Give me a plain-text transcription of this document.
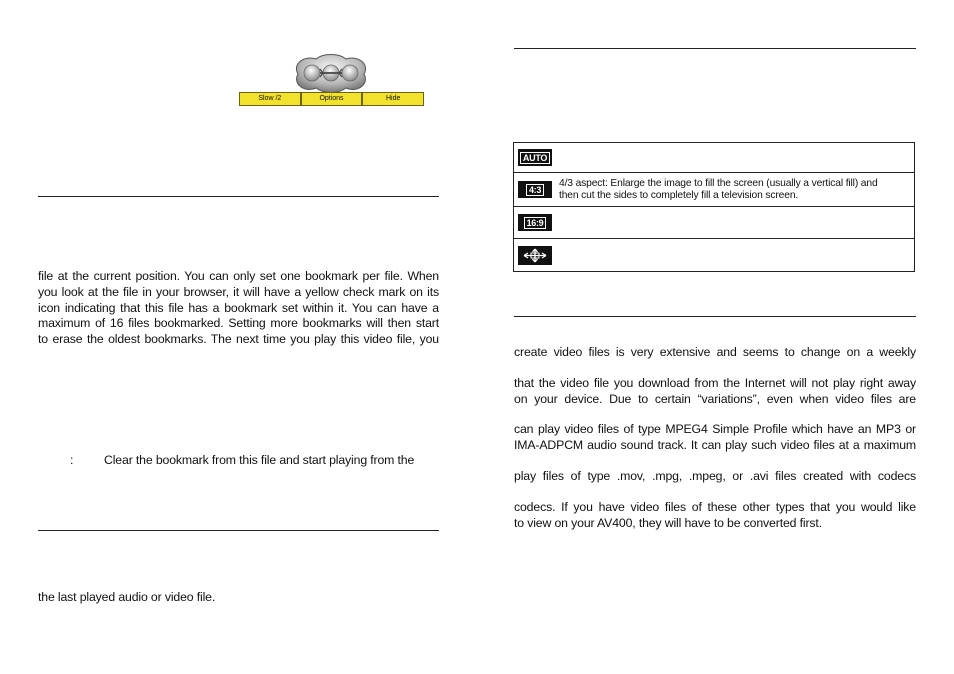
Slow /2	Options	Hide
file at the current position. You can only set one bookmark per file. When
you look at the file in your browser, it will have a yellow check mark on its
icon indicating that this file has a bookmark set within it. You can have a
maximum of 16 files bookmarked. Setting more bookmarks will then start
to erase the oldest bookmarks. The next time you play this video file, you
: Clear the bookmark from this file and start playing from the
the last played audio or video file.
AUTO
4:3
4/3 aspect: Enlarge the image to fill the screen (usually a vertical fill) and
then cut the sides to completely fill a television screen.
16:9
create video files is very extensive and seems to change on a weekly
that the video file you download from the Internet will not play right away
on your device. Due to certain “variations”, even when video files are
can play video files of type MPEG4 Simple Profile which have an MP3 or
IMA-ADPCM audio sound track. It can play such video files at a maximum
play files of type .mov, .mpg, .mpeg, or .avi files created with codecs
codecs. If you have video files of these other types that you would like
to view on your AV400, they will have to be converted first.
